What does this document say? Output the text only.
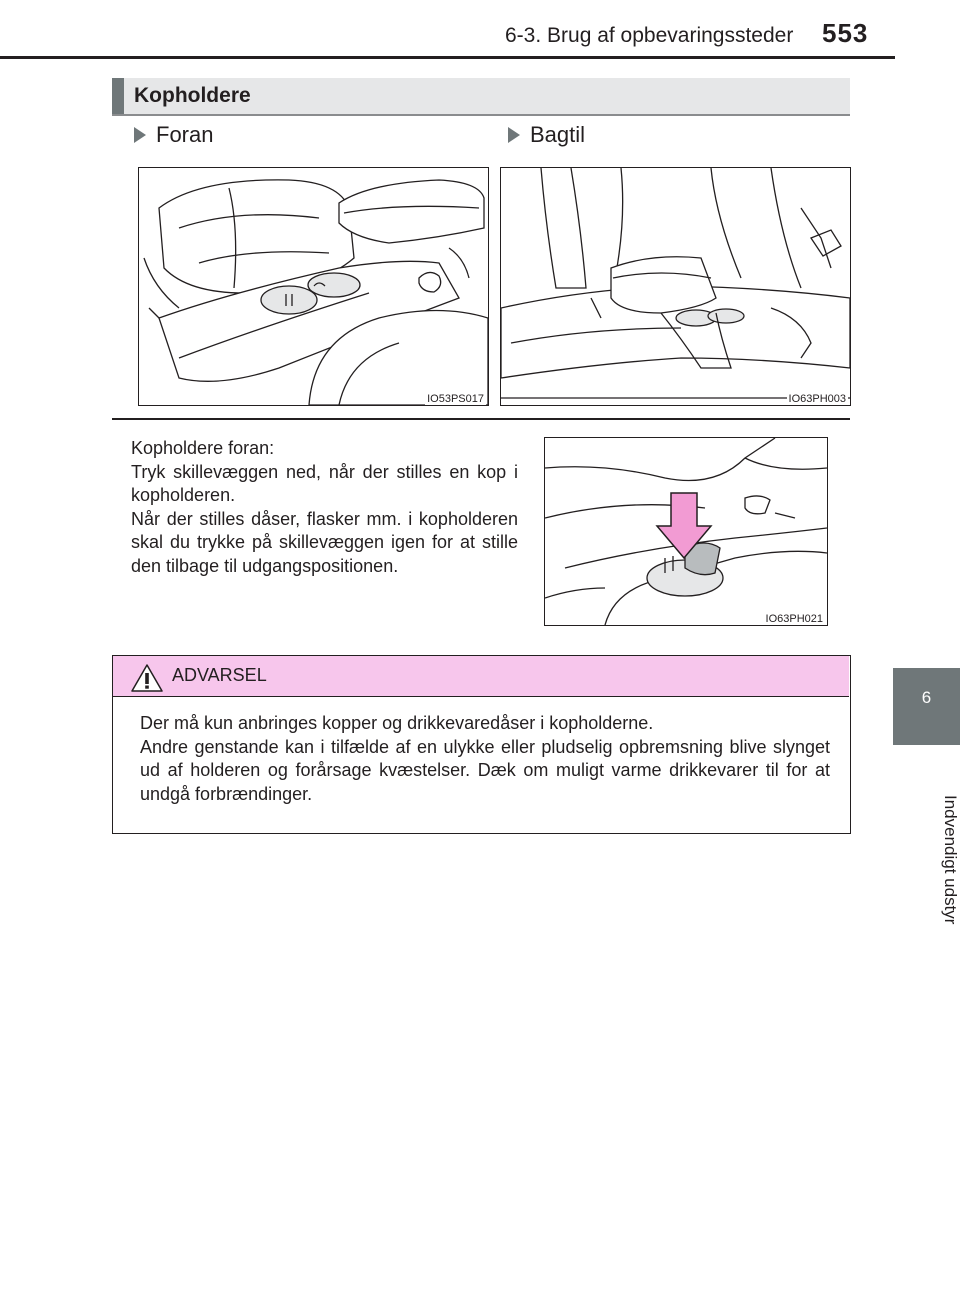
6-3. Brug af opbevaringssteder 553
6
Indvendigt udstyr
Kopholdere
Foran	Bagtil
IO53PS017	IO63PH003

Kopholdere foran:

Tryk skillevæggen ned, når der stilles en kop i kopholderen.

Når der stilles dåser, flasker mm. i kopholderen skal du trykke på skillevæggen igen for at stille den tilbage til udgangspositionen.

IO63PH021
ADVARSEL

Der må kun anbringes kopper og drikkevaredåser i kopholderne.

Andre genstande kan i tilfælde af en ulykke eller pludselig opbremsning blive slynget ud af holderen og forårsage kvæstelser. Dæk om muligt varme drikkevarer til for at undgå forbrændinger.
